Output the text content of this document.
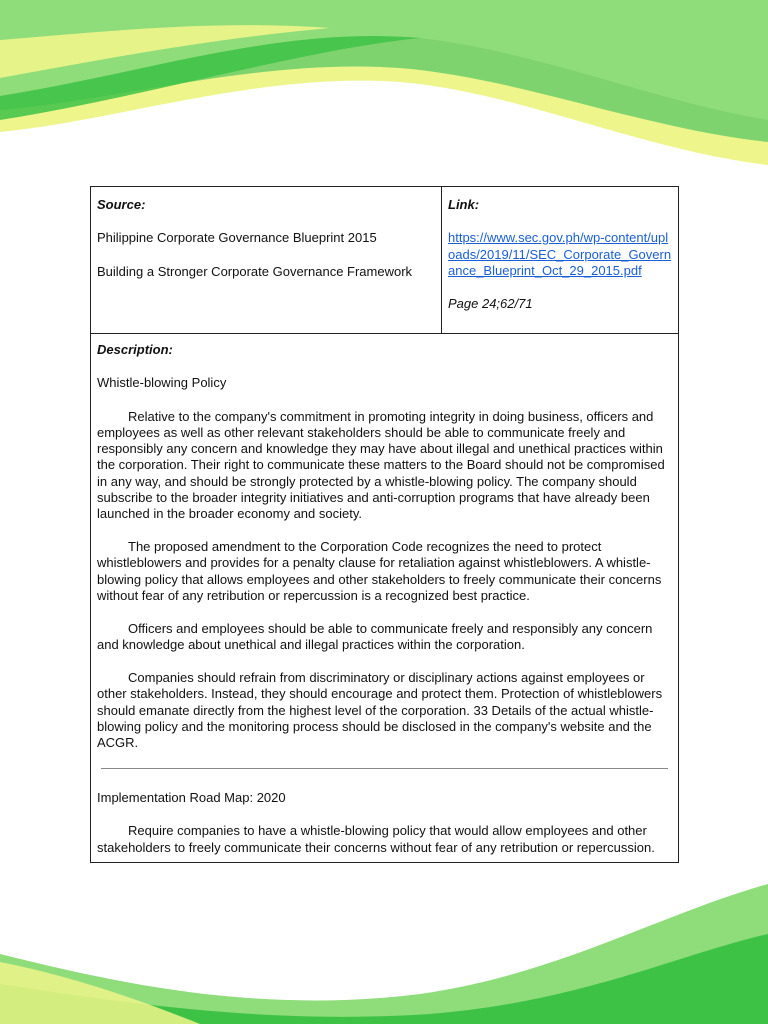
Source:

Philippine Corporate Governance Blueprint 2015

Building a Stronger Corporate Governance Framework

Link:

https://www.sec.gov.ph/wp-content/uploads/2019/11/SEC_Corporate_Governance_Blueprint_Oct_29_2015.pdf

Page 24;62/71

Description:

Whistle-blowing Policy

Relative to the company's commitment in promoting integrity in doing business, officers and employees as well as other relevant stakeholders should be able to communicate freely and responsibly any concern and knowledge they may have about illegal and unethical practices within the corporation. Their right to communicate these matters to the Board should not be compromised in any way, and should be strongly protected by a whistle-blowing policy. The company should subscribe to the broader integrity initiatives and anti-corruption programs that have already been launched in the broader economy and society.

The proposed amendment to the Corporation Code recognizes the need to protect whistleblowers and provides for a penalty clause for retaliation against whistleblowers. A whistle-blowing policy that allows employees and other stakeholders to freely communicate their concerns without fear of any retribution or repercussion is a recognized best practice.

Officers and employees should be able to communicate freely and responsibly any concern and knowledge about unethical and illegal practices within the corporation.

Companies should refrain from discriminatory or disciplinary actions against employees or other stakeholders. Instead, they should encourage and protect them. Protection of whistleblowers should emanate directly from the highest level of the corporation. 33 Details of the actual whistle-blowing policy and the monitoring process should be disclosed in the company's website and the ACGR.

Implementation Road Map: 2020

Require companies to have a whistle-blowing policy that would allow employees and other stakeholders to freely communicate their concerns without fear of any retribution or repercussion.
